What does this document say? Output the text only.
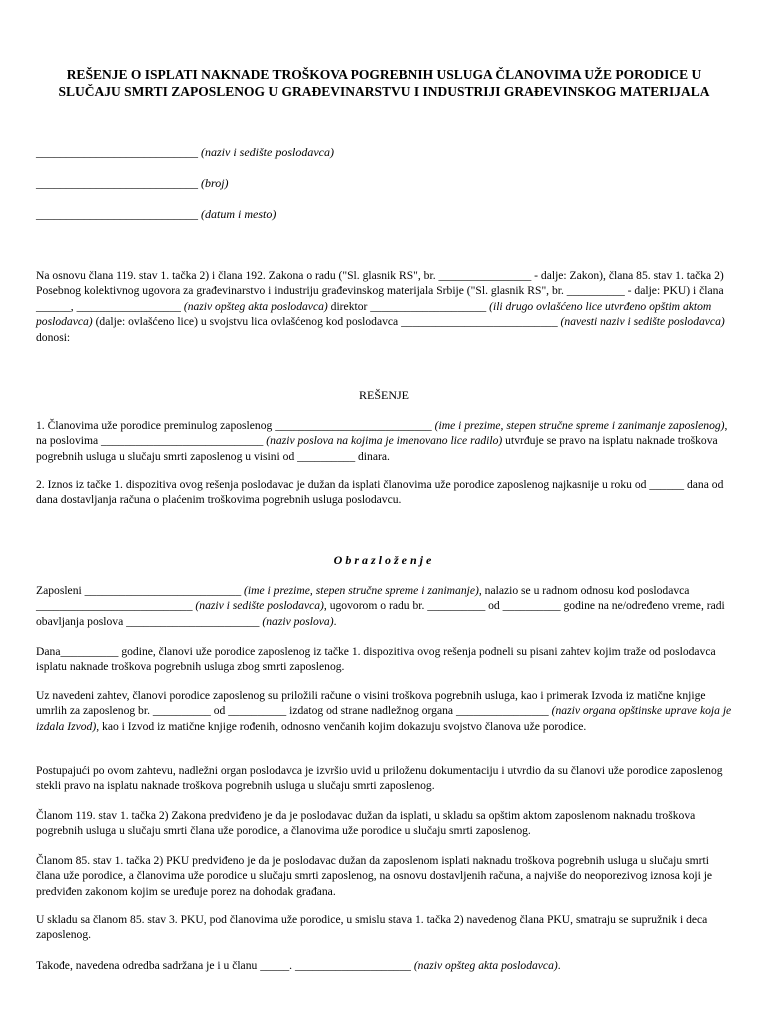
REŠENJE O ISPLATI NAKNADE TROŠKOVA POGREBNIH USLUGA ČLANOVIMA UŽE PORODICE U
SLUČAJU SMRTI ZAPOSLENOG U GRAĐEVINARSTVU I INDUSTRIJI GRAĐEVINSKOG MATERIJALA
___________________________ (naziv i sedište poslodavca)
___________________________ (broj)
___________________________ (datum i mesto)

Na osnovu člana 119. stav 1. tačka 2) i člana 192. Zakona o radu ("Sl. glasnik RS", br. ________________ - dalje: Zakon), člana 85. stav 1. tačka 2) Posebnog kolektivnog ugovora za građevinarstvo i industriju građevinskog materijala Srbije ("Sl. glasnik RS", br. __________ - dalje: PKU) i člana ______, __________________ (naziv opšteg akta poslodavca) direktor ____________________ (ili drugo ovlašćeno lice utvrđeno opštim aktom poslodavca) (dalje: ovlašćeno lice) u svojstvu lica ovlašćenog kod poslodavca ___________________________ (navesti naziv i sedište poslodavca) donosi:

REŠENJE

1. Članovima uže porodice preminulog zaposlenog ___________________________ (ime i prezime, stepen stručne spreme i zanimanje zaposlenog), na poslovima ____________________________ (naziv poslova na kojima je imenovano lice radilo) utvrđuje se pravo na isplatu naknade troškova pogrebnih usluga u slučaju smrti zaposlenog u visini od __________ dinara.

2. Iznos iz tačke 1. dispozitiva ovog rešenja poslodavac je dužan da isplati članovima uže porodice zaposlenog najkasnije u roku od ______ dana od dana dostavljanja računa o plaćenim troškovima pogrebnih usluga poslodavcu.

Obrazloženje

Zaposleni ___________________________ (ime i prezime, stepen stručne spreme i zanimanje), nalazio se u radnom odnosu kod poslodavca ___________________________ (naziv i sedište poslodavca), ugovorom o radu br. __________ od __________ godine na ne/određeno vreme, radi obavljanja poslova _______________________ (naziv poslova).

Dana__________ godine, članovi uže porodice zaposlenog iz tačke 1. dispozitiva ovog rešenja podneli su pisani zahtev kojim traže od poslodavca isplatu naknade troškova pogrebnih usluga zbog smrti zaposlenog.

Uz navedeni zahtev, članovi porodice zaposlenog su priložili račune o visini troškova pogrebnih usluga, kao i primerak Izvoda iz matične knjige umrlih za zaposlenog br. __________ od __________ izdatog od strane nadležnog organa ________________ (naziv organa opštinske uprave koja je izdala Izvod), kao i Izvod iz matične knjige rođenih, odnosno venčanih kojim dokazuju svojstvo članova uže porodice.

Postupajući po ovom zahtevu, nadležni organ poslodavca je izvršio uvid u priloženu dokumentaciju i utvrdio da su članovi uže porodice zaposlenog stekli pravo na isplatu naknade troškova pogrebnih usluga u slučaju smrti zaposlenog.

Članom 119. stav 1. tačka 2) Zakona predviđeno je da je poslodavac dužan da isplati, u skladu sa opštim aktom zaposlenom naknadu troškova pogrebnih usluga u slučaju smrti člana uže porodice, a članovima uže porodice u slučaju smrti zaposlenog.

Članom 85. stav 1. tačka 2) PKU predviđeno je da je poslodavac dužan da zaposlenom isplati naknadu troškova pogrebnih usluga u slučaju smrti člana uže porodice, a članovima uže porodice u slučaju smrti zaposlenog, na osnovu dostavljenih računa, a najviše do neoporezivog iznosa koji je predviđen zakonom kojim se uređuje porez na dohodak građana.

U skladu sa članom 85. stav 3. PKU, pod članovima uže porodice, u smislu stava 1. tačka 2) navedenog člana PKU, smatraju se supružnik i deca zaposlenog.

Takođe, navedena odredba sadržana je i u članu _____. ____________________ (naziv opšteg akta poslodavca).
